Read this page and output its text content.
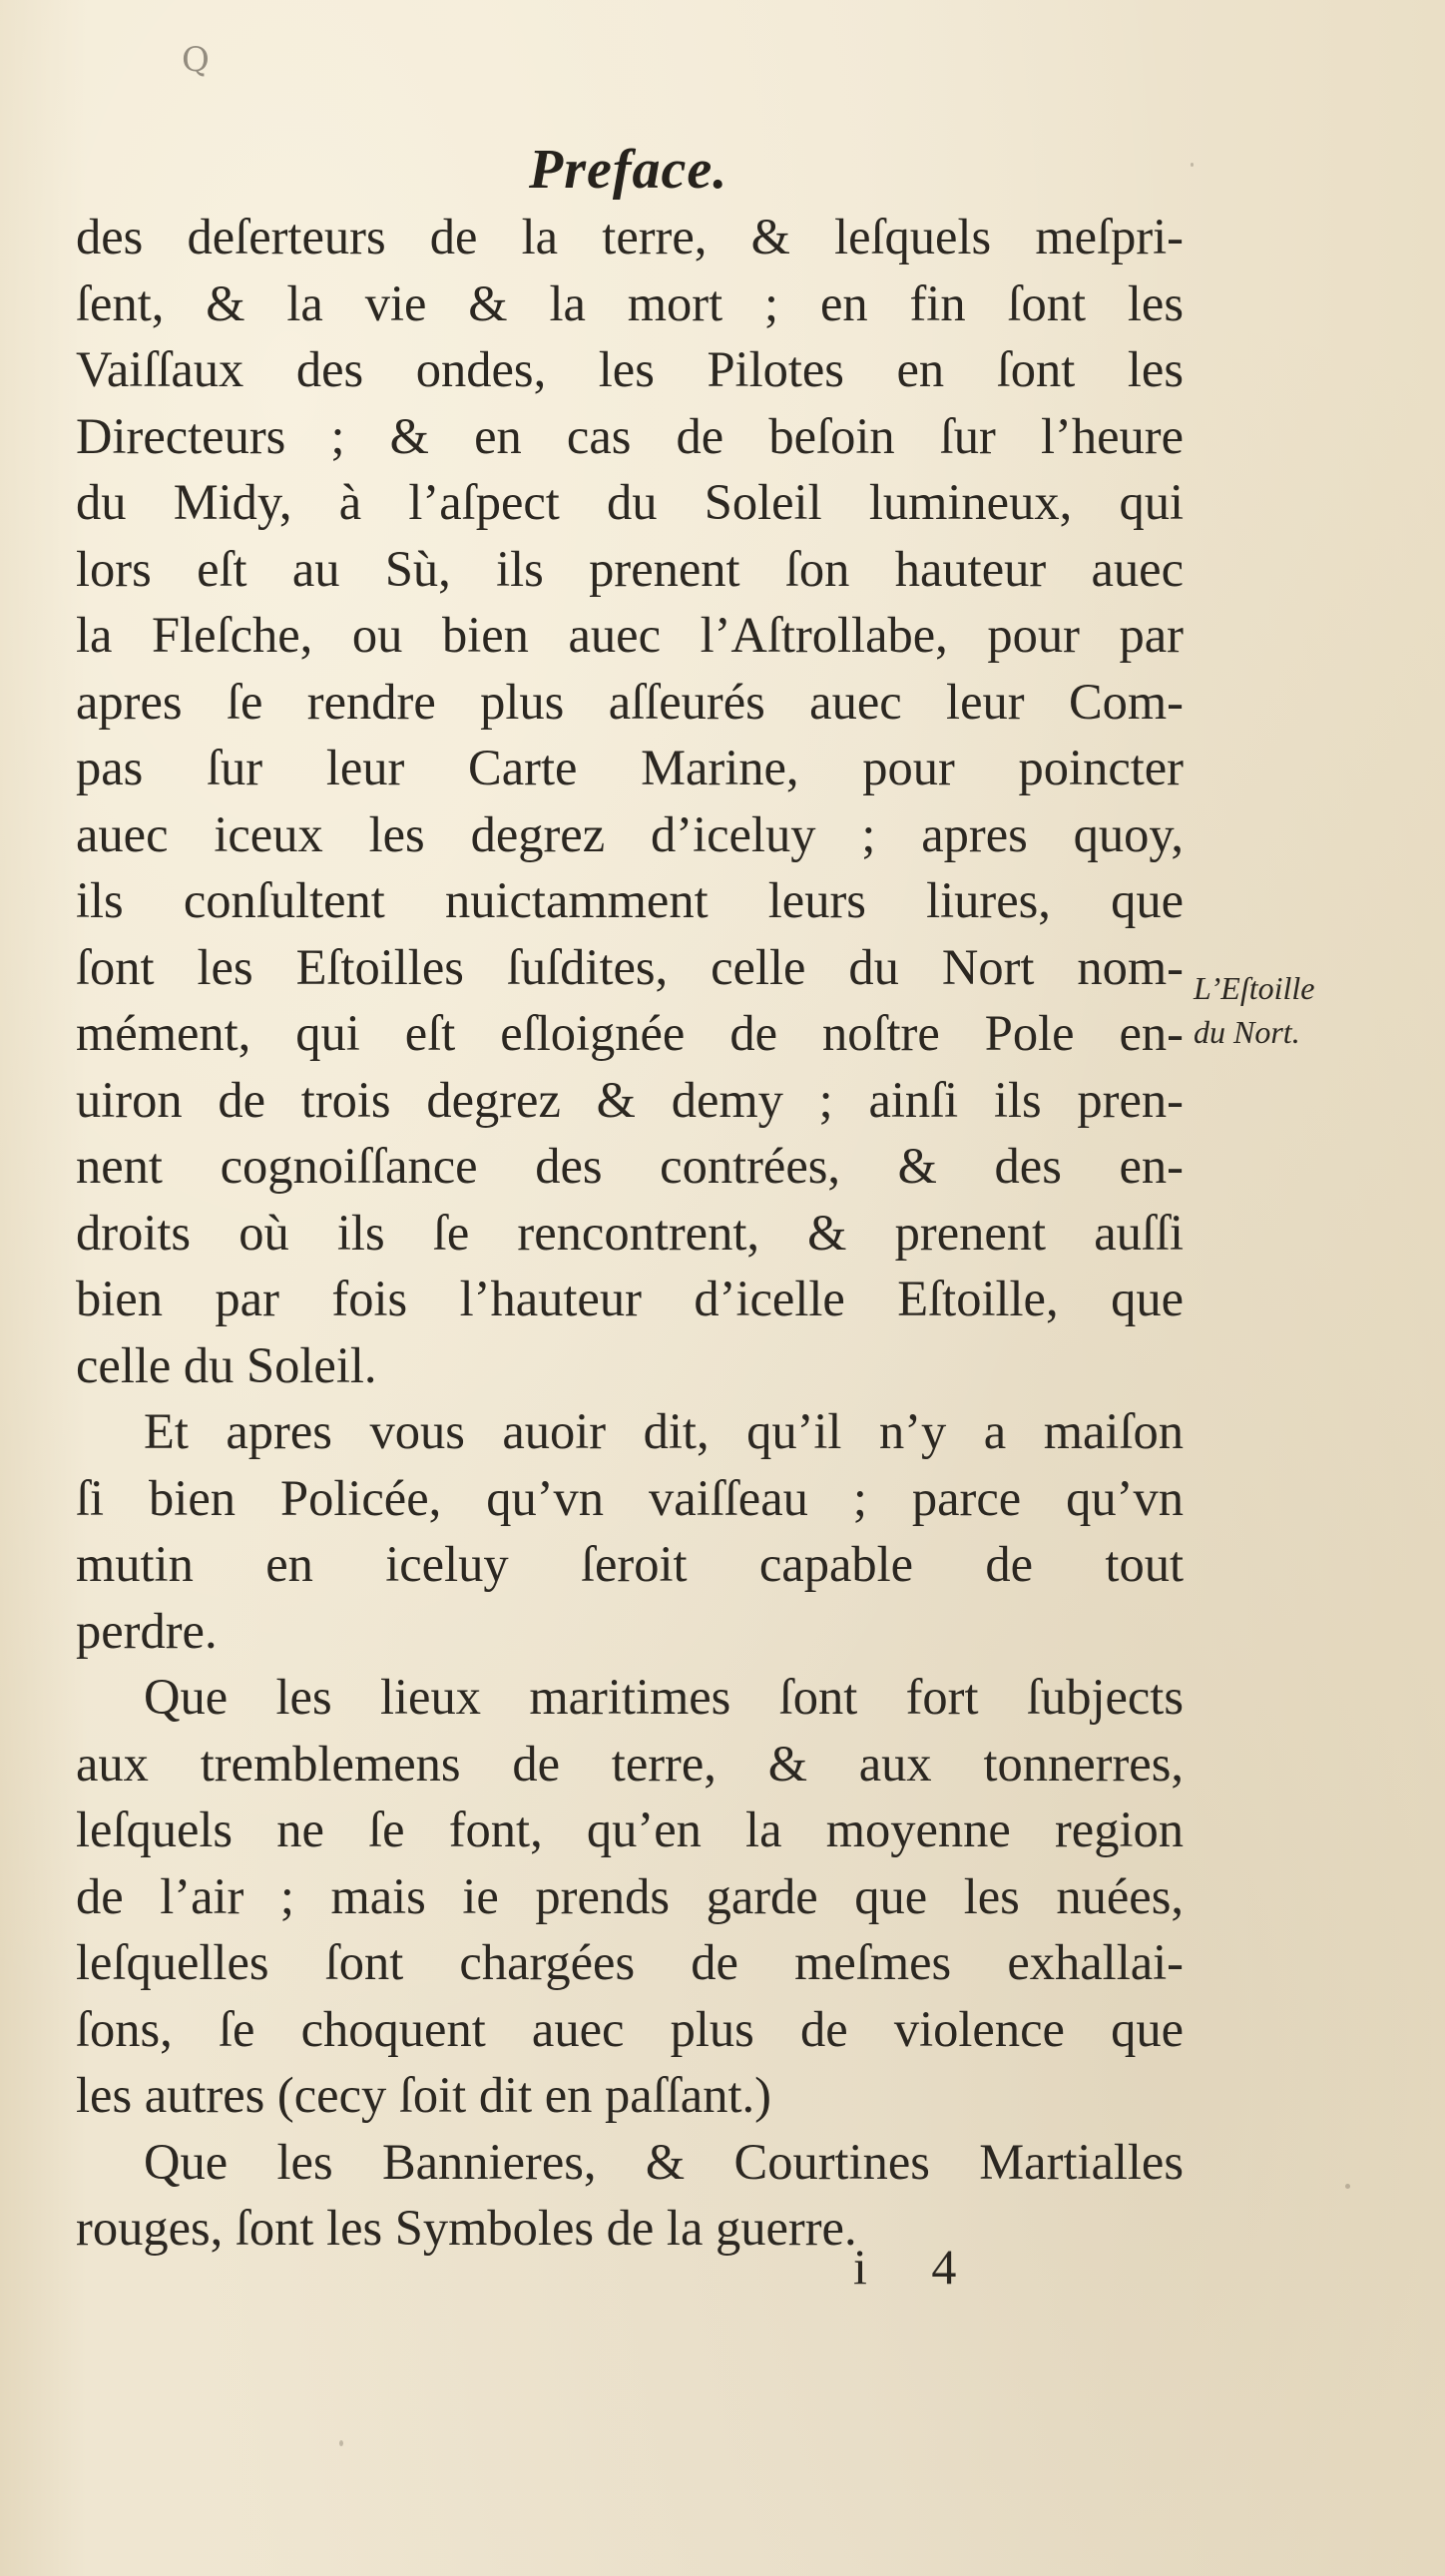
Q
Preface.
des deſerteurs de la terre, & leſquels meſpri-
ſent, & la vie & la mort ; en fin ſont les
Vaiſſaux des ondes, les Pilotes en ſont les
Directeurs ; & en cas de beſoin ſur l’heure
du Midy, à l’aſpect du Soleil lumineux, qui
lors eſt au Sù, ils prenent ſon hauteur auec
la Fleſche, ou bien auec l’Aſtrollabe, pour par
apres ſe rendre plus aſſeurés auec leur Com-
pas ſur leur Carte Marine, pour poincter
auec iceux les degrez d’iceluy ; apres quoy,
ils conſultent nuictamment leurs liures, que
ſont les Eſtoilles ſuſdites, celle du Nort nom-
mément, qui eſt eſloignée de noſtre Pole en-
uiron de trois degrez & demy ; ainſi ils pren-
nent cognoiſſance des contrées, & des en-
droits où ils ſe rencontrent, & prenent auſſi
bien par fois l’hauteur d’icelle Eſtoille, que
celle du Soleil.
Et apres vous auoir dit, qu’il n’y a maiſon
ſi bien Policée, qu’vn vaiſſeau ; parce qu’vn
mutin en iceluy ſeroit capable de tout
perdre.
Que les lieux maritimes ſont fort ſubjects
aux tremblemens de terre, & aux tonnerres,
leſquels ne ſe font, qu’en la moyenne region
de l’air ; mais ie prends garde que les nuées,
leſquelles ſont chargées de meſmes exhallai-
ſons, ſe choquent auec plus de violence que
les autres (cecy ſoit dit en paſſant.)
Que les Bannieres, & Courtines Martialles
rouges, ſont les Symboles de la guerre.
L’Eſtoille
du Nort.
i 4
